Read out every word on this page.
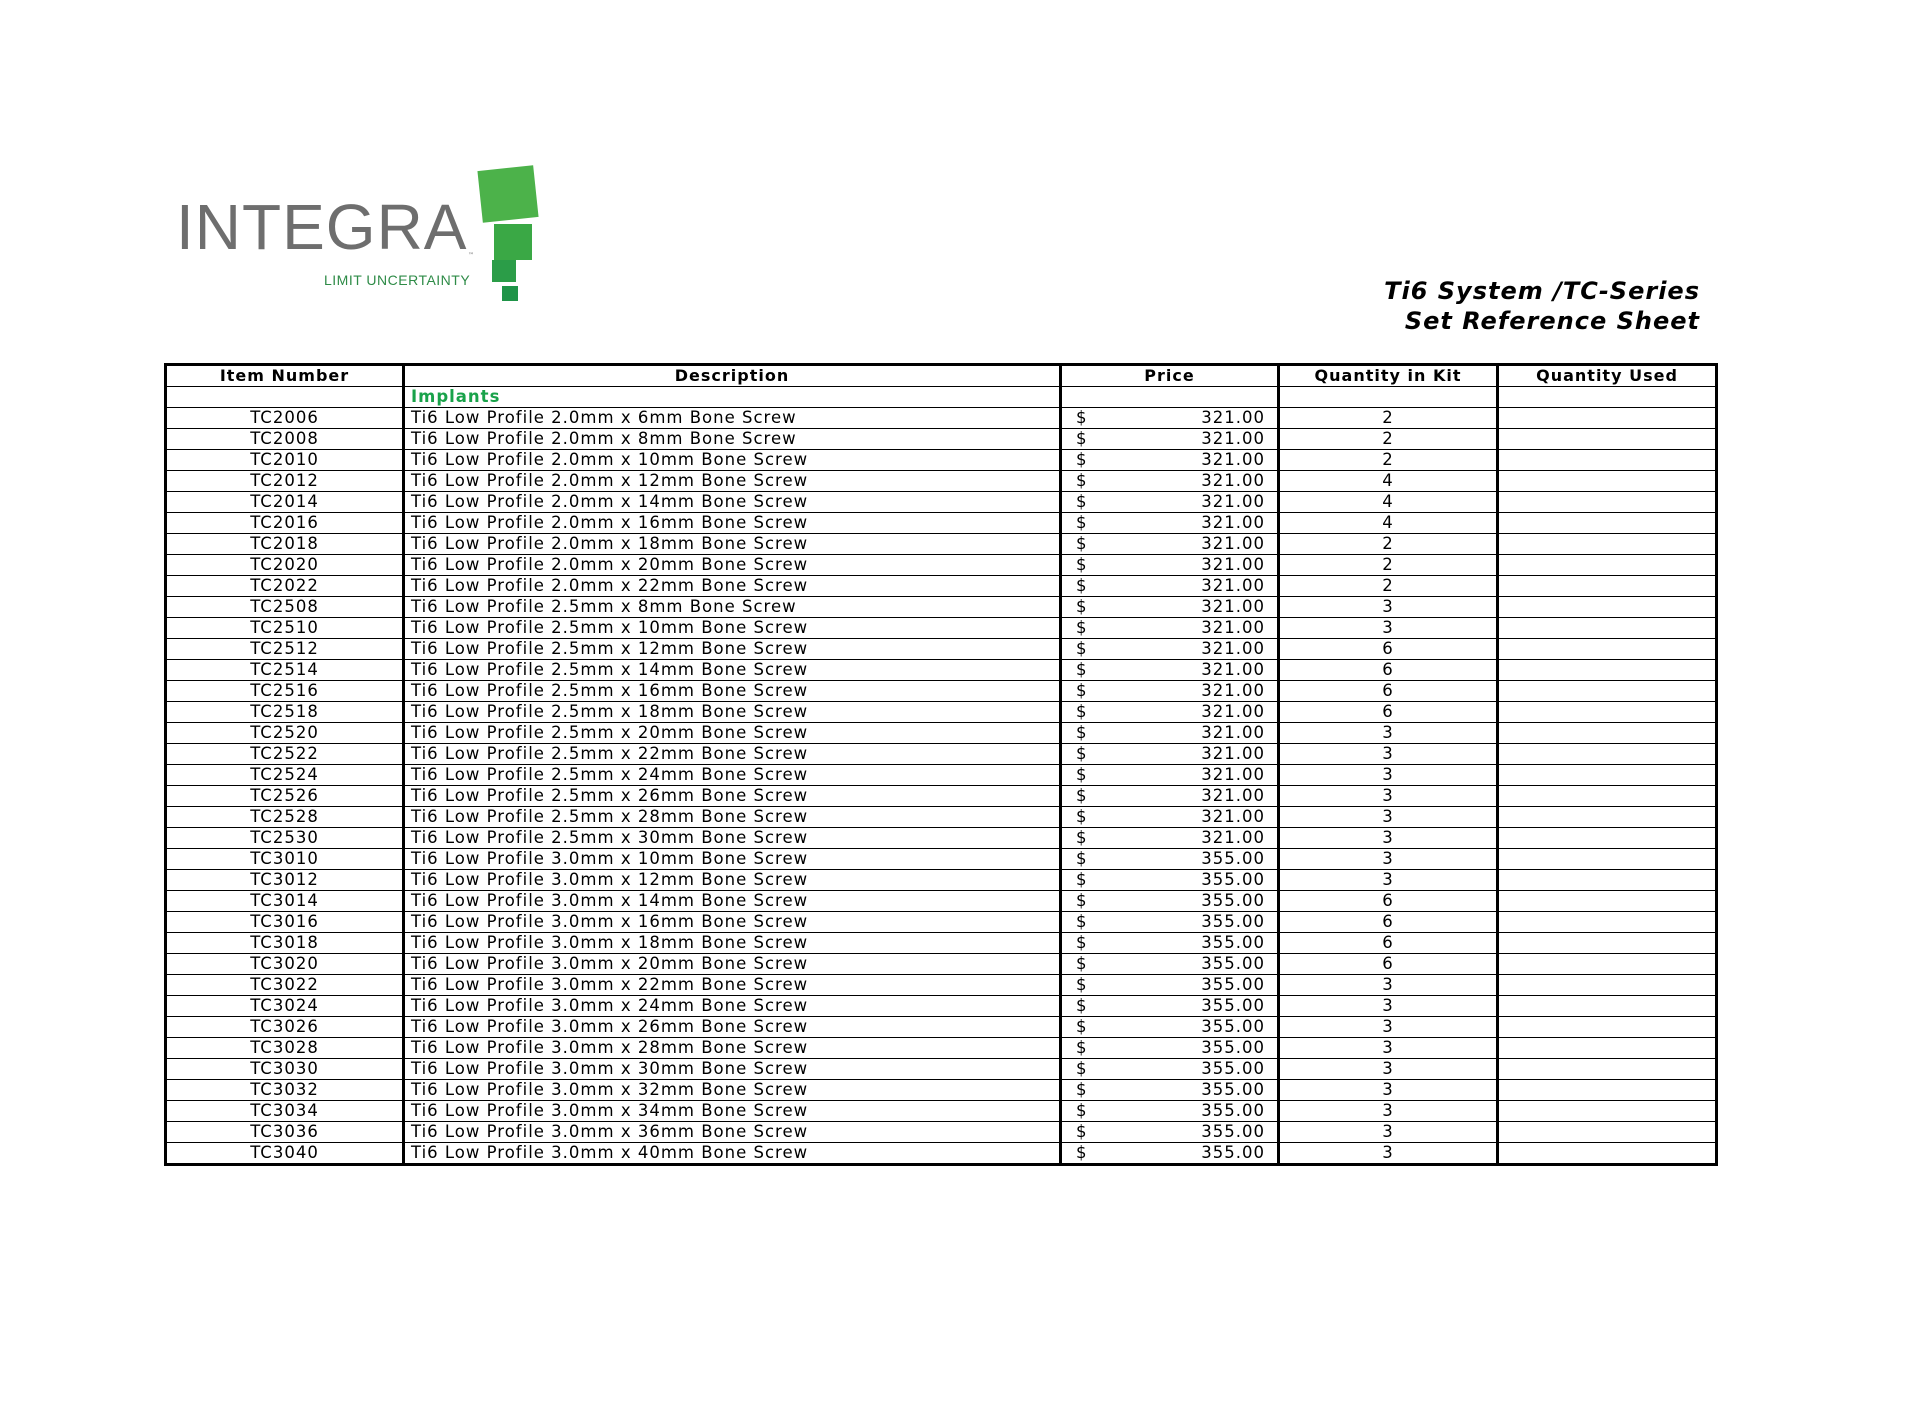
INTEGRA ™
LIMIT UNCERTAINTY	Ti6 System /TC-Series
Set Reference Sheet
Item Number	Description	Price	Quantity in Kit	Quantity Used
	Implants			
TC2006	Ti6 Low Profile 2.0mm x 6mm Bone Screw	$ 321.00	2	
TC2008	Ti6 Low Profile 2.0mm x 8mm Bone Screw	$ 321.00	2	
TC2010	Ti6 Low Profile 2.0mm x 10mm Bone Screw	$ 321.00	2	
TC2012	Ti6 Low Profile 2.0mm x 12mm Bone Screw	$ 321.00	4	
TC2014	Ti6 Low Profile 2.0mm x 14mm Bone Screw	$ 321.00	4	
TC2016	Ti6 Low Profile 2.0mm x 16mm Bone Screw	$ 321.00	4	
TC2018	Ti6 Low Profile 2.0mm x 18mm Bone Screw	$ 321.00	2	
TC2020	Ti6 Low Profile 2.0mm x 20mm Bone Screw	$ 321.00	2	
TC2022	Ti6 Low Profile 2.0mm x 22mm Bone Screw	$ 321.00	2	
TC2508	Ti6 Low Profile 2.5mm x 8mm Bone Screw	$ 321.00	3	
TC2510	Ti6 Low Profile 2.5mm x 10mm Bone Screw	$ 321.00	3	
TC2512	Ti6 Low Profile 2.5mm x 12mm Bone Screw	$ 321.00	6	
TC2514	Ti6 Low Profile 2.5mm x 14mm Bone Screw	$ 321.00	6	
TC2516	Ti6 Low Profile 2.5mm x 16mm Bone Screw	$ 321.00	6	
TC2518	Ti6 Low Profile 2.5mm x 18mm Bone Screw	$ 321.00	6	
TC2520	Ti6 Low Profile 2.5mm x 20mm Bone Screw	$ 321.00	3	
TC2522	Ti6 Low Profile 2.5mm x 22mm Bone Screw	$ 321.00	3	
TC2524	Ti6 Low Profile 2.5mm x 24mm Bone Screw	$ 321.00	3	
TC2526	Ti6 Low Profile 2.5mm x 26mm Bone Screw	$ 321.00	3	
TC2528	Ti6 Low Profile 2.5mm x 28mm Bone Screw	$ 321.00	3	
TC2530	Ti6 Low Profile 2.5mm x 30mm Bone Screw	$ 321.00	3	
TC3010	Ti6 Low Profile 3.0mm x 10mm Bone Screw	$ 355.00	3	
TC3012	Ti6 Low Profile 3.0mm x 12mm Bone Screw	$ 355.00	3	
TC3014	Ti6 Low Profile 3.0mm x 14mm Bone Screw	$ 355.00	6	
TC3016	Ti6 Low Profile 3.0mm x 16mm Bone Screw	$ 355.00	6	
TC3018	Ti6 Low Profile 3.0mm x 18mm Bone Screw	$ 355.00	6	
TC3020	Ti6 Low Profile 3.0mm x 20mm Bone Screw	$ 355.00	6	
TC3022	Ti6 Low Profile 3.0mm x 22mm Bone Screw	$ 355.00	3	
TC3024	Ti6 Low Profile 3.0mm x 24mm Bone Screw	$ 355.00	3	
TC3026	Ti6 Low Profile 3.0mm x 26mm Bone Screw	$ 355.00	3	
TC3028	Ti6 Low Profile 3.0mm x 28mm Bone Screw	$ 355.00	3	
TC3030	Ti6 Low Profile 3.0mm x 30mm Bone Screw	$ 355.00	3	
TC3032	Ti6 Low Profile 3.0mm x 32mm Bone Screw	$ 355.00	3	
TC3034	Ti6 Low Profile 3.0mm x 34mm Bone Screw	$ 355.00	3	
TC3036	Ti6 Low Profile 3.0mm x 36mm Bone Screw	$ 355.00	3	
TC3040	Ti6 Low Profile 3.0mm x 40mm Bone Screw	$ 355.00	3	
